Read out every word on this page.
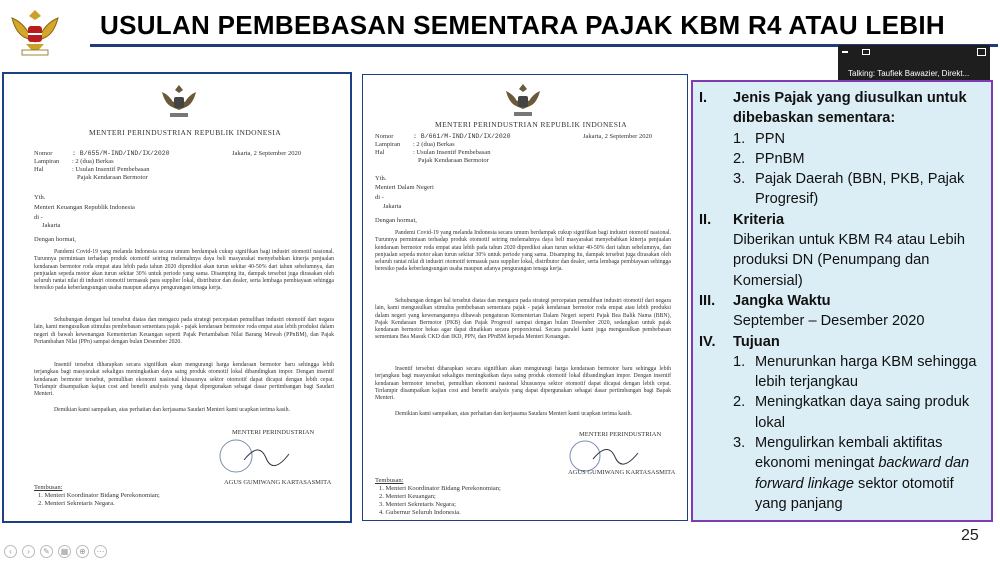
USULAN PEMBEBASAN SEMENTARA PAJAK KBM R4 ATAU LEBIH
Talking: Taufiek Bawazier, Direkt...
MENTERI PERINDUSTRIAN REPUBLIK INDONESIA
Nomor	: B/655/M-IND/IND/IX/2020	Jakarta, 2 September 2020
Lampiran : 2 (dua) Berkas
Hal	: Usulan Insentif Pembebasan
Pajak Kendaraan Bermotor
Yth.
Menteri Keuangan Republik Indonesia
di -
Jakarta
Dengan hormat,
Pandemi Covid-19 yang melanda Indonesia secara umum berdampak cukup signifikan bagi industri otomotif nasional. Turunnya permintaan terhadap produk otomotif seiring melemahnya daya beli masyarakat menyebabkan kinerja penjualan kendaraan bermotor roda empat atau lebih pada tahun 2020 diprediksi akan turun sekitar 40-50% dari tahun sebelumnya, dan penjualan sepeda motor akan turun sekitar 30% untuk periode yang sama. Disamping itu, dampak tersebut juga dirasakan oleh seluruh rantai nilai di industri otomotif termasuk para supplier lokal, distributor dan dealer, serta lembaga pembiayaan sehingga beresiko pada keberlangsungan usaha maupun adanya pengurangan tenaga kerja.
Sehubungan dengan hal tersebut diatas dan mengacu pada strategi percepatan pemulihan industri otomotif dari negara lain, kami mengusulkan stimulus pembebasan sementara pajak - pajak kendaraan bermotor roda empat atau lebih produksi dalam negeri di bawah kewenangan Kementerian Keuangan seperti Pajak Pertambahan Nilai Barang Mewah (PPnBM), dan Pajak Pertambahan Nilai (PPn) sampai dengan bulan Desember 2020.
Insentif tersebut diharapkan secara signifikan akan mengurangi harga kendaraan bermotor baru sehingga lebih terjangkau bagi masyarakat sekaligus meningkatkan daya saing produk otomotif lokal dibandingkan impor. Dengan insentif kendaraan bermotor tersebut, pemulihan ekonomi nasional khususnya sektor otomotif dapat dicapai dengan lebih cepat. Terlampir disampaikan kajian cost and benefit analysis yang dapat dipergunakan sebagai dasar pertimbangan bagi Saudari Menteri.
Demikian kami sampaikan, atas perhatian dan kerjasama Saudari Menteri kami ucapkan terima kasih.
MENTERI PERINDUSTRIAN
AGUS GUMIWANG KARTASASMITA
Tembusan:
1. Menteri Koordinator Bidang Perekonomian;
2. Menteri Sekretaris Negara.
MENTERI PERINDUSTRIAN REPUBLIK INDONESIA
Nomor	: B/661/M-IND/IND/IX/2020	Jakarta, 2 September 2020
Lampiran : 2 (dua) Berkas
Hal	: Usulan Insentif Pembebasan
Pajak Kendaraan Bermotor
Yth.
Menteri Dalam Negeri
di -
Jakarta
Dengan hormat,
Pandemi Covid-19 yang melanda Indonesia secara umum berdampak cukup signifikan bagi industri otomotif nasional. Turunnya permintaan terhadap produk otomotif seiring melemahnya daya beli masyarakat menyebabkan kinerja penjualan kendaraan bermotor roda empat atau lebih pada tahun 2020 diprediksi akan turun sekitar 40-50% dari tahun sebelumnya, dan penjualan sepeda motor akan turun sekitar 30% untuk periode yang sama. Disamping itu, dampak tersebut juga dirasakan oleh seluruh rantai nilai di industri otomotif termasuk para supplier lokal, distributor dan dealer, serta lembaga pembiayaan sehingga beresiko pada keberlangsungan usaha maupun adanya pengurangan tenaga kerja.
Sehubungan dengan hal tersebut diatas dan mengacu pada strategi percepatan pemulihan industri otomotif dari negara lain, kami mengusulkan stimulus pembebasan sementara pajak - pajak kendaraan bermotor roda empat atau lebih produksi dalam negeri yang kewenangannya dibawah pengaturan Kementerian Dalam Negeri seperti Pajak Bea Balik Nama (BBN), Pajak Kendaraan Bermotor (PKB) dan Pajak Progresif sampai dengan bulan Desember 2020, sedangkan untuk pajak kendaraan bermotor bekas agar dapat dinaikkan secara proporsional. Secara paralel kami juga mengusulkan pembebasan sementara Bea Masuk CKD dan IKD, PPN, dan PPnBM kepada Menteri Keuangan.
Insentif tersebut diharapkan secara signifikan akan mengurangi harga kendaraan bermotor baru sehingga lebih terjangkau bagi masyarakat sekaligus meningkatkan daya saing produk otomotif lokal dibandingkan impor. Dengan insentif kendaraan bermotor tersebut, pemulihan ekonomi nasional khususnya sektor otomotif dapat dicapai dengan lebih cepat. Terlampir disampaikan kajian cost and benefit analysis yang dapat dipergunakan sebagai dasar pertimbangan bagi Bapak Menteri.
Demikian kami sampaikan, atas perhatian dan kerjasama Saudara Menteri kami ucapkan terima kasih.
MENTERI PERINDUSTRIAN
AGUS GUMIWANG KARTASASMITA
Tembusan:
1. Menteri Koordinator Bidang Perekonomian;
2. Menteri Keuangan;
3. Menteri Sekretaris Negara;
4. Gubernur Seluruh Indonesia.
I.	Jenis Pajak yang diusulkan untuk dibebaskan sementara:
1. PPN
2. PPnBM
3. Pajak Daerah (BBN, PKB, Pajak Progresif)
II.	Kriteria
Diberikan untuk KBM R4 atau Lebih produksi DN (Penumpang dan Komersial)
III.	Jangka Waktu
September – Desember 2020
IV.	Tujuan
1. Menurunkan harga KBM sehingga lebih terjangkau
2. Meningkatkan daya saing produk lokal
3. Mengulirkan kembali aktifitas ekonomi meningat backward dan forward linkage sektor otomotif yang panjang
25
‹	›	✎	▦	⊕	⋯
